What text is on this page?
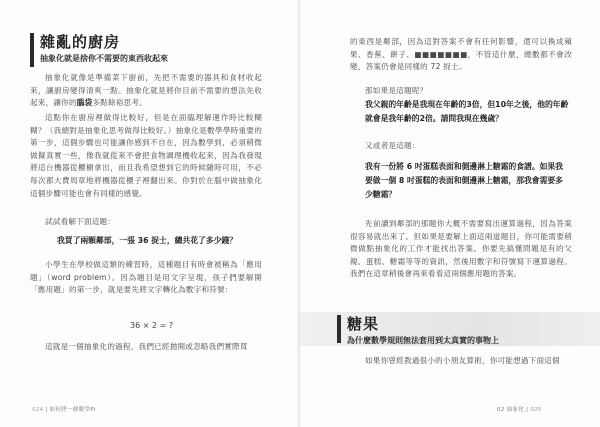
雜亂的廚房
抽象化就是捨你不需要的東西收起來
抽象化就像是準備菜下廚前，先把不需要的器具和食材收起來，讓廚房變得清爽一點。抽象化就是將你目前不需要的想法先收起來，讓你的腦袋多點餘裕思考。
這點你在廚房裡做得比較好，但是在面臨理解運作時比較糊糊？（我總對是抽象化思考做得比較好。）抽象化是數學學時重要的第一步，這個步驟也可能讓你感到不自在，因為數學到，必須稍微做擬真實一些，像我就從來不會把食物調理機收起來，因為我發現將這台機器從櫃櫥拿出，而且我希望想到它的時候隨時可用，不必每次都大費周章地將機器從櫃子裡翻出來。你對於在腦中做抽象化這個步驟可能也會有同樣的感覺。
試試看解下面這題：
我買了兩顆鄰部，一張 36 捉士，總共花了多少錢？
小學生在學校做這類的練習時，這種題目有時會被稱為「應用題」（word problem）。因為題目是用文字呈現，孩子們要解開「應用題」的第一步，就是要先將文字轉化為數字和符號：
36 × 2 = ?
這就是一個抽象化的過程，我們已經拋開或忽略我們實際買
024 | 如何烤一個數學Pi
的東西是鄰部，因為這對答案不會有任何影響，還可以換成蘋果、香蕉、餅子、■■■■■■■，不管這什麼，總數都不會改變，答案仍會是同樣的 72 捉士。
那如果是這題呢？
我父親的年齡是我現在年齡的3倍，但10年之後，他的年齡就會是我年齡的2倍。請問我現在幾歲？
又或者是這題：
我有一份將 6 吋蛋糕表面和側邊淋上糖霜的食譜。如果我要做一個 8 吋蛋糕的表面和側邊淋上糖霜，那我會需要多少糖霜？
先前讀到鄰部的那題你大概不需要寫出運算過程，因為答案很容易就出來了。但如果是要解上面這兩道題目，你可能需要稍微做點抽象化的工作才能找出答案。你要先搞懂問題是有的父親、蛋糕、糖霜等等的資訊，然後用數字和符號寫下運算過程。我們在這章稍後會再來看看這兩個應用題的答案。
糖果
為什麼數學規則無法套用到太真實的事物上
如果你曾經教過很小的小朋友算術，你可能想過下面這個
02 抽象化 | 025
